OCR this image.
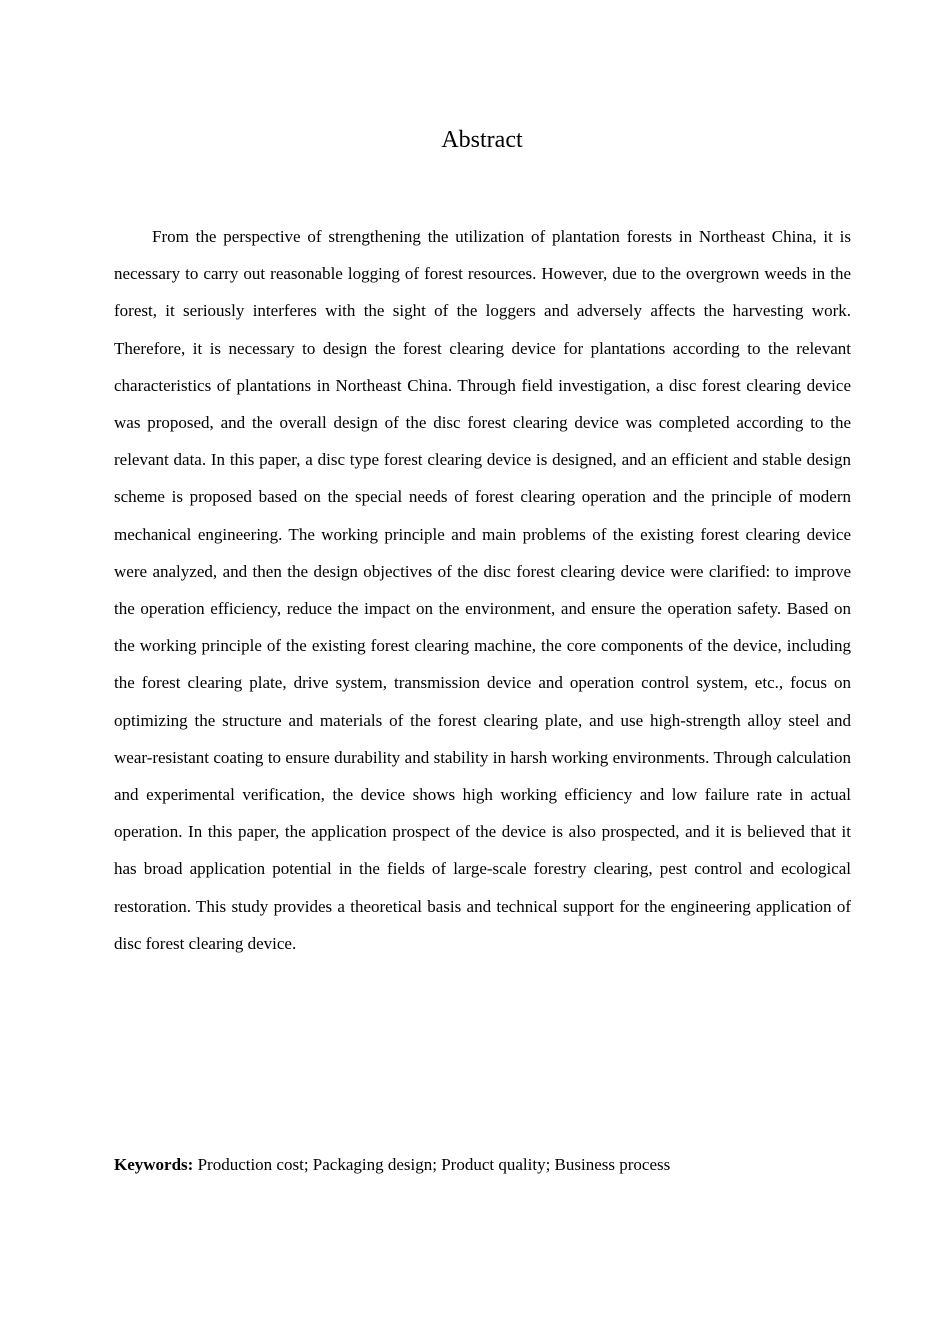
Abstract

From the perspective of strengthening the utilization of plantation forests in Northeast China, it is necessary to carry out reasonable logging of forest resources. However, due to the overgrown weeds in the forest, it seriously interferes with the sight of the loggers and adversely affects the harvesting work. Therefore, it is necessary to design the forest clearing device for plantations according to the relevant characteristics of plantations in Northeast China. Through field investigation, a disc forest clearing device was proposed, and the overall design of the disc forest clearing device was completed according to the relevant data. In this paper, a disc type forest clearing device is designed, and an efficient and stable design scheme is proposed based on the special needs of forest clearing operation and the principle of modern mechanical engineering. The working principle and main problems of the existing forest clearing device were analyzed, and then the design objectives of the disc forest clearing device were clarified: to improve the operation efficiency, reduce the impact on the environment, and ensure the operation safety. Based on the working principle of the existing forest clearing machine, the core components of the device, including the forest clearing plate, drive system, transmission device and operation control system, etc., focus on optimizing the structure and materials of the forest clearing plate, and use high-strength alloy steel and wear-resistant coating to ensure durability and stability in harsh working environments. Through calculation and experimental verification, the device shows high working efficiency and low failure rate in actual operation. In this paper, the application prospect of the device is also prospected, and it is believed that it has broad application potential in the fields of large-scale forestry clearing, pest control and ecological restoration. This study provides a theoretical basis and technical support for the engineering application of disc forest clearing device.

Keywords: Production cost; Packaging design; Product quality; Business process
